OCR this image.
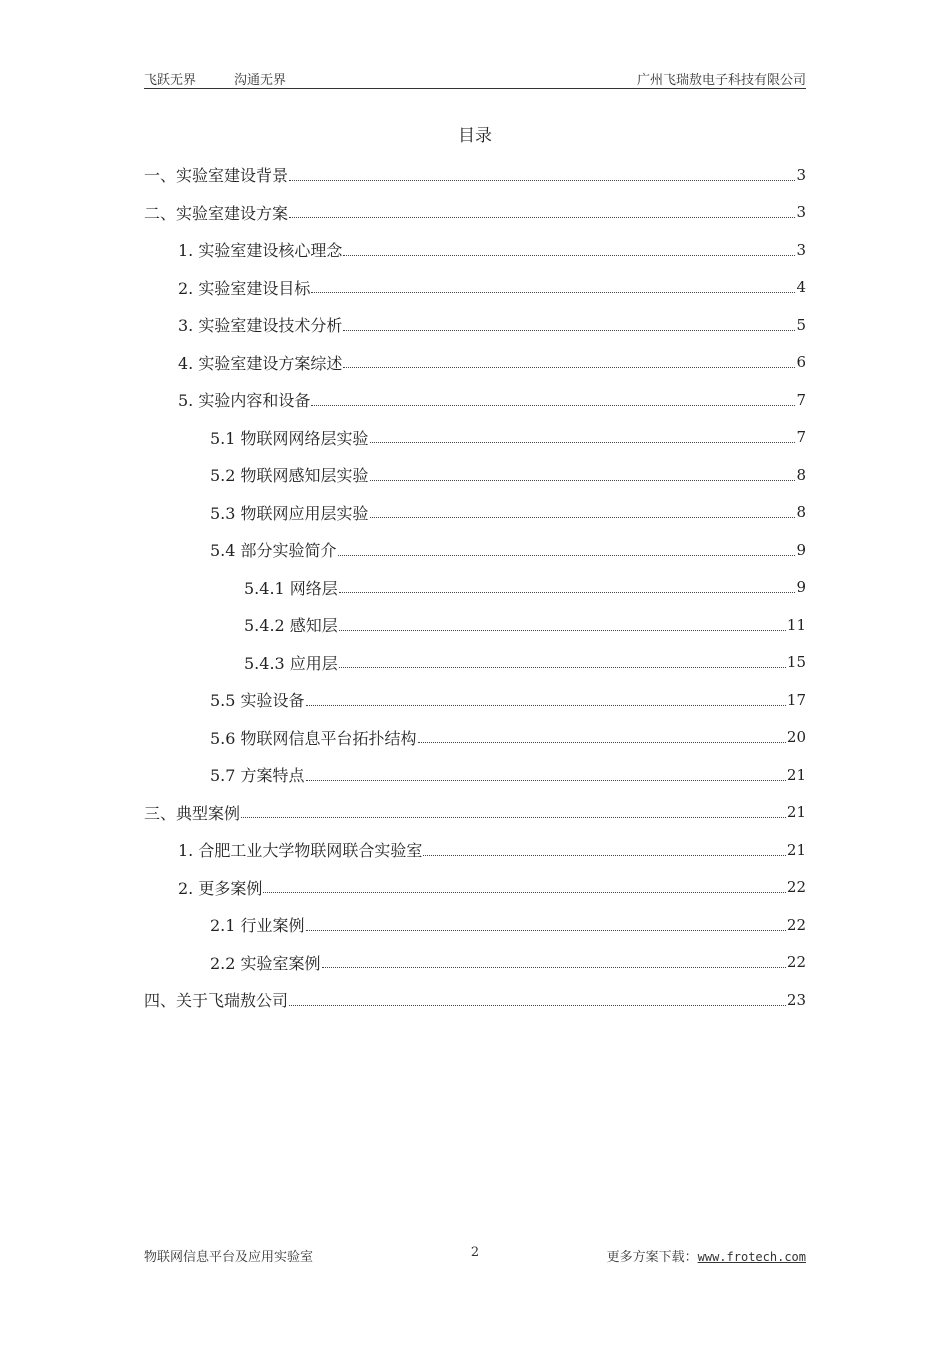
飞跃无界	沟通无界	广州飞瑞敖电子科技有限公司
目录
一、实验室建设背景	3
二、实验室建设方案	3
1. 实验室建设核心理念	3
2. 实验室建设目标	4
3. 实验室建设技术分析	5
4. 实验室建设方案综述	6
5. 实验内容和设备	7
5.1 物联网网络层实验	7
5.2 物联网感知层实验	8
5.3 物联网应用层实验	8
5.4 部分实验简介	9
5.4.1 网络层	9
5.4.2 感知层	11
5.4.3 应用层	15
5.5 实验设备	17
5.6 物联网信息平台拓扑结构	20
5.7 方案特点	21
三、典型案例	21
1. 合肥工业大学物联网联合实验室	21
2. 更多案例	22
2.1 行业案例	22
2.2 实验室案例	22
四、关于飞瑞敖公司	23
物联网信息平台及应用实验室	2	更多方案下载：www.frotech.com
